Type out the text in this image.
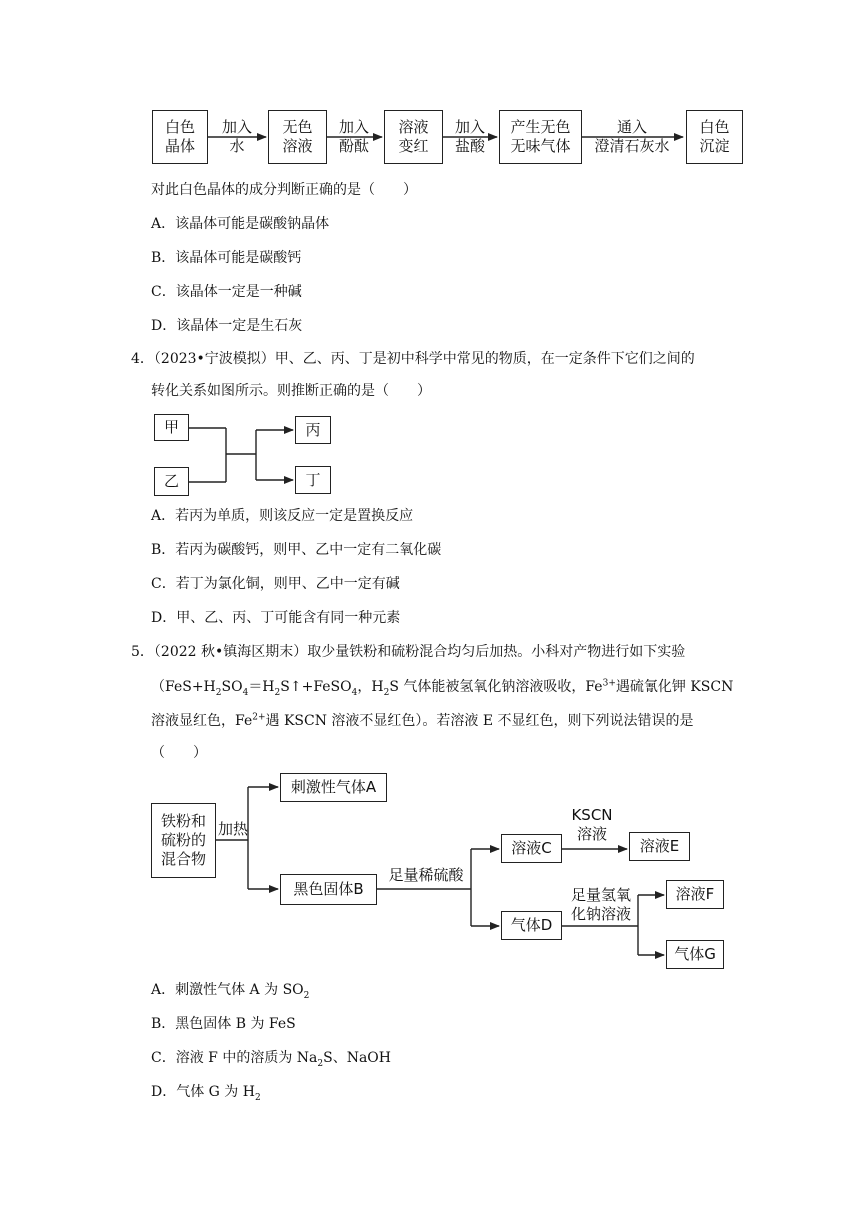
白色
晶体
无色
溶液
溶液
变红
产生无色
无味气体
白色
沉淀
加入
水
加入
酚酞
加入
盐酸
通入
澄清石灰水
对此白色晶体的成分判断正确的是（　　）
A．该晶体可能是碳酸钠晶体
B．该晶体可能是碳酸钙
C．该晶体一定是一种碱
D．该晶体一定是生石灰
4．（2023•宁波模拟）甲、乙、丙、丁是初中科学中常见的物质，在一定条件下它们之间的
转化关系如图所示。则推断正确的是（　　）
甲
乙
丙
丁
A．若丙为单质，则该反应一定是置换反应
B．若丙为碳酸钙，则甲、乙中一定有二氧化碳
C．若丁为氯化铜，则甲、乙中一定有碱
D．甲、乙、丙、丁可能含有同一种元素
5．（2022 秋•镇海区期末）取少量铁粉和硫粉混合均匀后加热。小科对产物进行如下实验
（$FeS+H_2SO_4=H_2S↑+FeSO_4$，$H_2S$ 气体能被氢氧化钠溶液吸收，$Fe^{3+}$遇硫氰化钾 KSCN
溶液显红色，$Fe^{2+}$遇 KSCN 溶液不显红色）。若溶液 E 不显红色，则下列说法错误的是
（　　）
铁粉和
硫粉的
混合物
刺激性气体A
黑色固体B
溶液C	溶液E
气体D
溶液F
气体G
加热
足量稀硫酸
KSCN
溶液
足量氢氧
化钠溶液
A．刺激性气体 A 为 $SO_2$
B．黑色固体 B 为 FeS
C．溶液 F 中的溶质为 $Na_2S$、NaOH
D．气体 G 为 $H_2$
